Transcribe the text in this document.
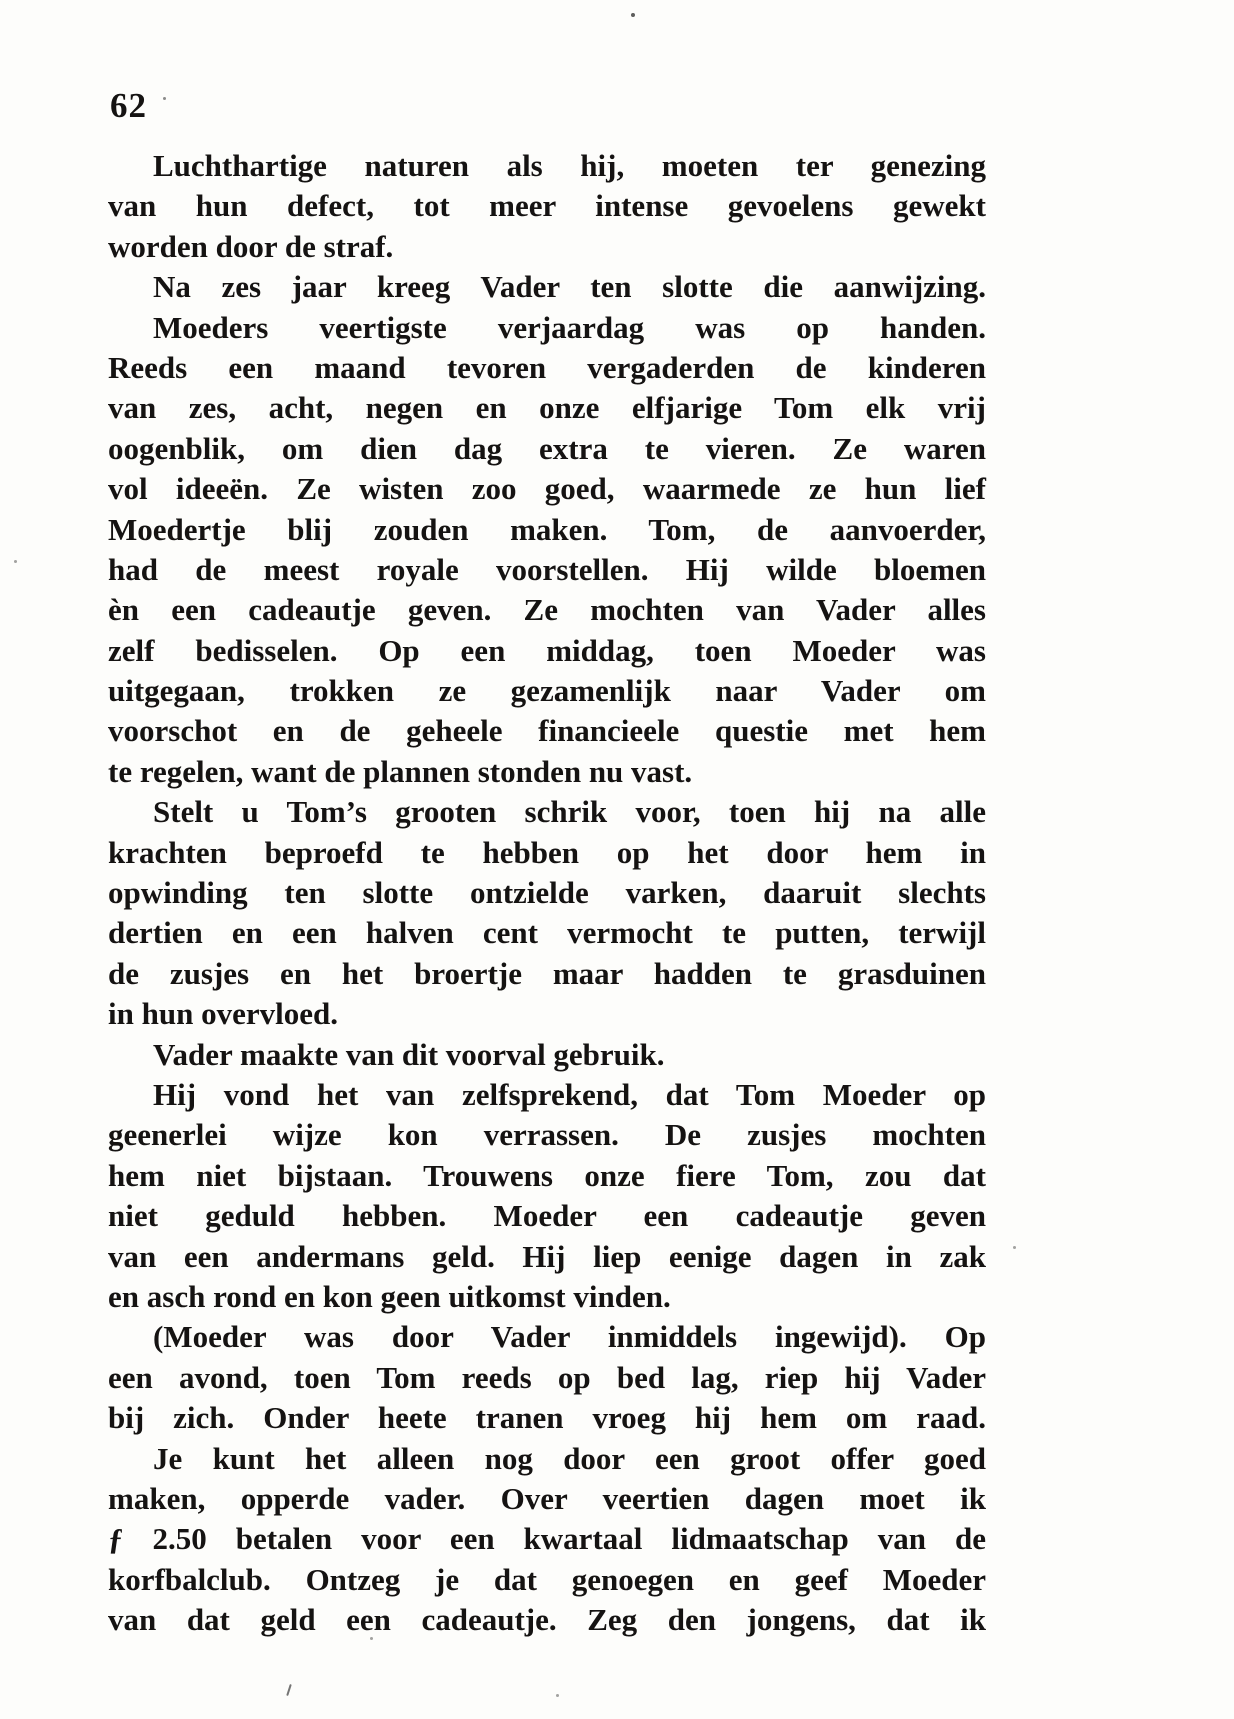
62
Luchthartige naturen als hij, moeten ter genezing
van hun defect, tot meer intense gevoelens gewekt
worden door de straf.
Na zes jaar kreeg Vader ten slotte die aanwijzing.
Moeders veertigste verjaardag was op handen.
Reeds een maand tevoren vergaderden de kinderen
van zes, acht, negen en onze elfjarige Tom elk vrij
oogenblik, om dien dag extra te vieren. Ze waren
vol ideeën. Ze wisten zoo goed, waarmede ze hun lief
Moedertje blij zouden maken. Tom, de aanvoerder,
had de meest royale voorstellen. Hij wilde bloemen
èn een cadeautje geven. Ze mochten van Vader alles
zelf bedisselen. Op een middag, toen Moeder was
uitgegaan, trokken ze gezamenlijk naar Vader om
voorschot en de geheele financieele questie met hem
te regelen, want de plannen stonden nu vast.
Stelt u Tom’s grooten schrik voor, toen hij na alle
krachten beproefd te hebben op het door hem in
opwinding ten slotte ontzielde varken, daaruit slechts
dertien en een halven cent vermocht te putten, terwijl
de zusjes en het broertje maar hadden te grasduinen
in hun overvloed.
Vader maakte van dit voorval gebruik.
Hij vond het van zelfsprekend, dat Tom Moeder op
geenerlei wijze kon verrassen. De zusjes mochten
hem niet bijstaan. Trouwens onze fiere Tom, zou dat
niet geduld hebben. Moeder een cadeautje geven
van een andermans geld. Hij liep eenige dagen in zak
en asch rond en kon geen uitkomst vinden.
(Moeder was door Vader inmiddels ingewijd). Op
een avond, toen Tom reeds op bed lag, riep hij Vader
bij zich. Onder heete tranen vroeg hij hem om raad.
Je kunt het alleen nog door een groot offer goed
maken, opperde vader. Over veertien dagen moet ik
ƒ 2.50 betalen voor een kwartaal lidmaatschap van de
korfbalclub. Ontzeg je dat genoegen en geef Moeder
van dat geld een cadeautje. Zeg den jongens, dat ik
